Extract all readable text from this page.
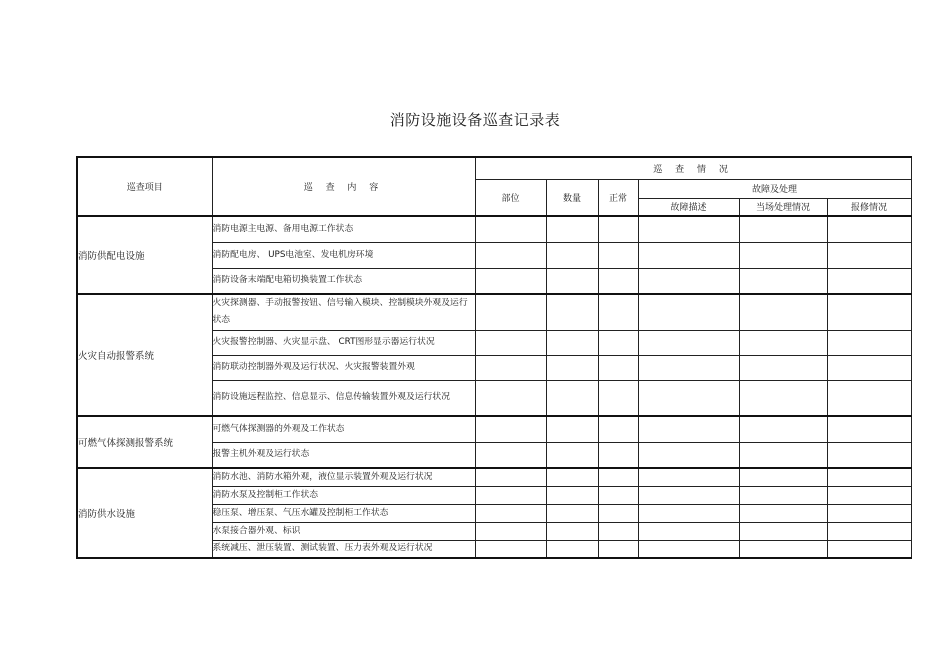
消防设施设备巡查记录表
巡查项目	巡 查 内 容	巡 查 情 况					
		部位	数量	正常	故障及处理		
					故障描述	当场处理情况	报修情况
消防供配电设施	消防电源主电源、备用电源工作状态						
	消防配电房、 UPS电池室、发电机房环境						
	消防设备末端配电箱切换装置工作状态						
火灾自动报警系统	火灾探测器、手动报警按钮、信号输入模块、控制模块外观及运行状态						
	火灾报警控制器、火灾显示盘、 CRT图形显示器运行状况						
	消防联动控制器外观及运行状况、火灾报警装置外观						
	消防设施远程监控、信息显示、信息传输装置外观及运行状况						
可燃气体探测报警系统	可燃气体探测器的外观及工作状态						
	报警主机外观及运行状态						
消防供水设施	消防水池、消防水箱外观，液位显示装置外观及运行状况						
	消防水泵及控制柜工作状态						
	稳压泵、增压泵、气压水罐及控制柜工作状态						
	水泵接合器外观、标识						
	系统减压、泄压装置、测试装置、压力表外观及运行状况						
